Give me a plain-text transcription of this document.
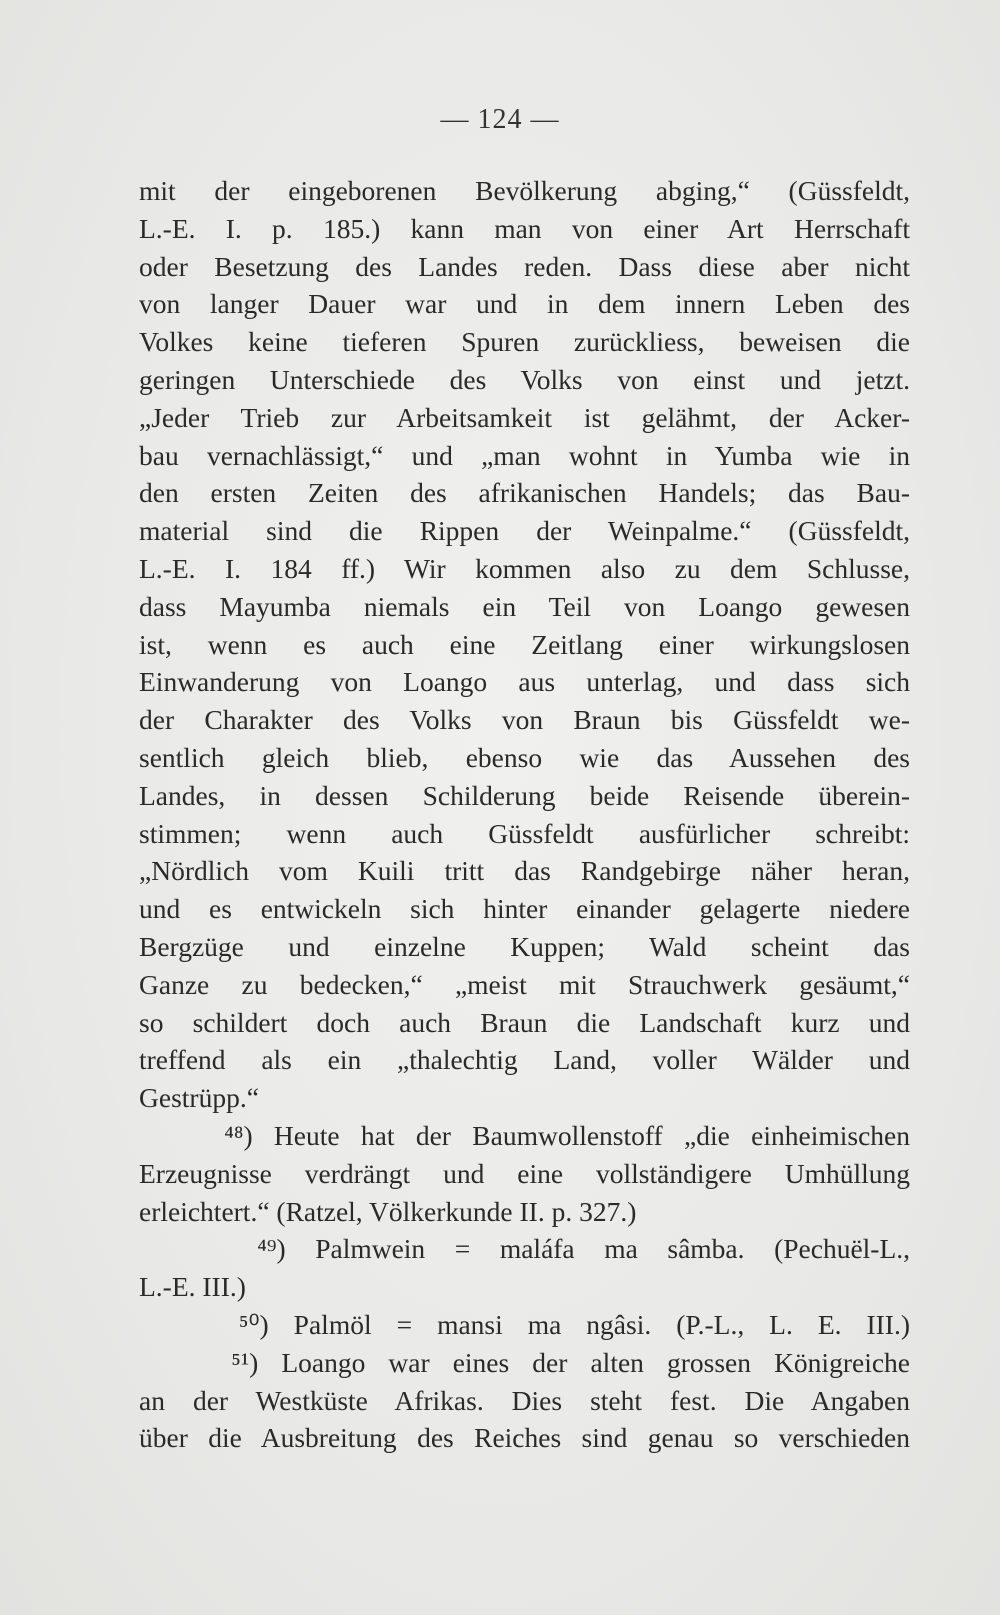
— 124 —
mit der eingeborenen Bevölkerung abging,“ (Güssfeldt,
L.-E. I. p. 185.) kann man von einer Art Herrschaft
oder Besetzung des Landes reden. Dass diese aber nicht
von langer Dauer war und in dem innern Leben des
Volkes keine tieferen Spuren zurückliess, beweisen die
geringen Unterschiede des Volks von einst und jetzt.
„Jeder Trieb zur Arbeitsamkeit ist gelähmt, der Acker-
bau vernachlässigt,“ und „man wohnt in Yumba wie in
den ersten Zeiten des afrikanischen Handels; das Bau-
material sind die Rippen der Weinpalme.“ (Güssfeldt,
L.-E. I. 184 ff.) Wir kommen also zu dem Schlusse,
dass Mayumba niemals ein Teil von Loango gewesen
ist, wenn es auch eine Zeitlang einer wirkungslosen
Einwanderung von Loango aus unterlag, und dass sich
der Charakter des Volks von Braun bis Güssfeldt we-
sentlich gleich blieb, ebenso wie das Aussehen des
Landes, in dessen Schilderung beide Reisende überein-
stimmen; wenn auch Güssfeldt ausfürlicher schreibt:
„Nördlich vom Kuili tritt das Randgebirge näher heran,
und es entwickeln sich hinter einander gelagerte niedere
Bergzüge und einzelne Kuppen; Wald scheint das
Ganze zu bedecken,“ „meist mit Strauchwerk gesäumt,“
so schildert doch auch Braun die Landschaft kurz und
treffend als ein „thalechtig Land, voller Wälder und
Gestrüpp.“
⁴⁸) Heute hat der Baumwollenstoff „die einheimischen
Erzeugnisse verdrängt und eine vollständigere Umhüllung
erleichtert.“ (Ratzel, Völkerkunde II. p. 327.)
⁴⁹) Palmwein = maláfa ma sâmba. (Pechuël-L.,
L.-E. III.)
⁵⁰) Palmöl = mansi ma ngâsi. (P.-L., L. E. III.)
⁵¹) Loango war eines der alten grossen Königreiche
an der Westküste Afrikas. Dies steht fest. Die Angaben
über die Ausbreitung des Reiches sind genau so verschieden
